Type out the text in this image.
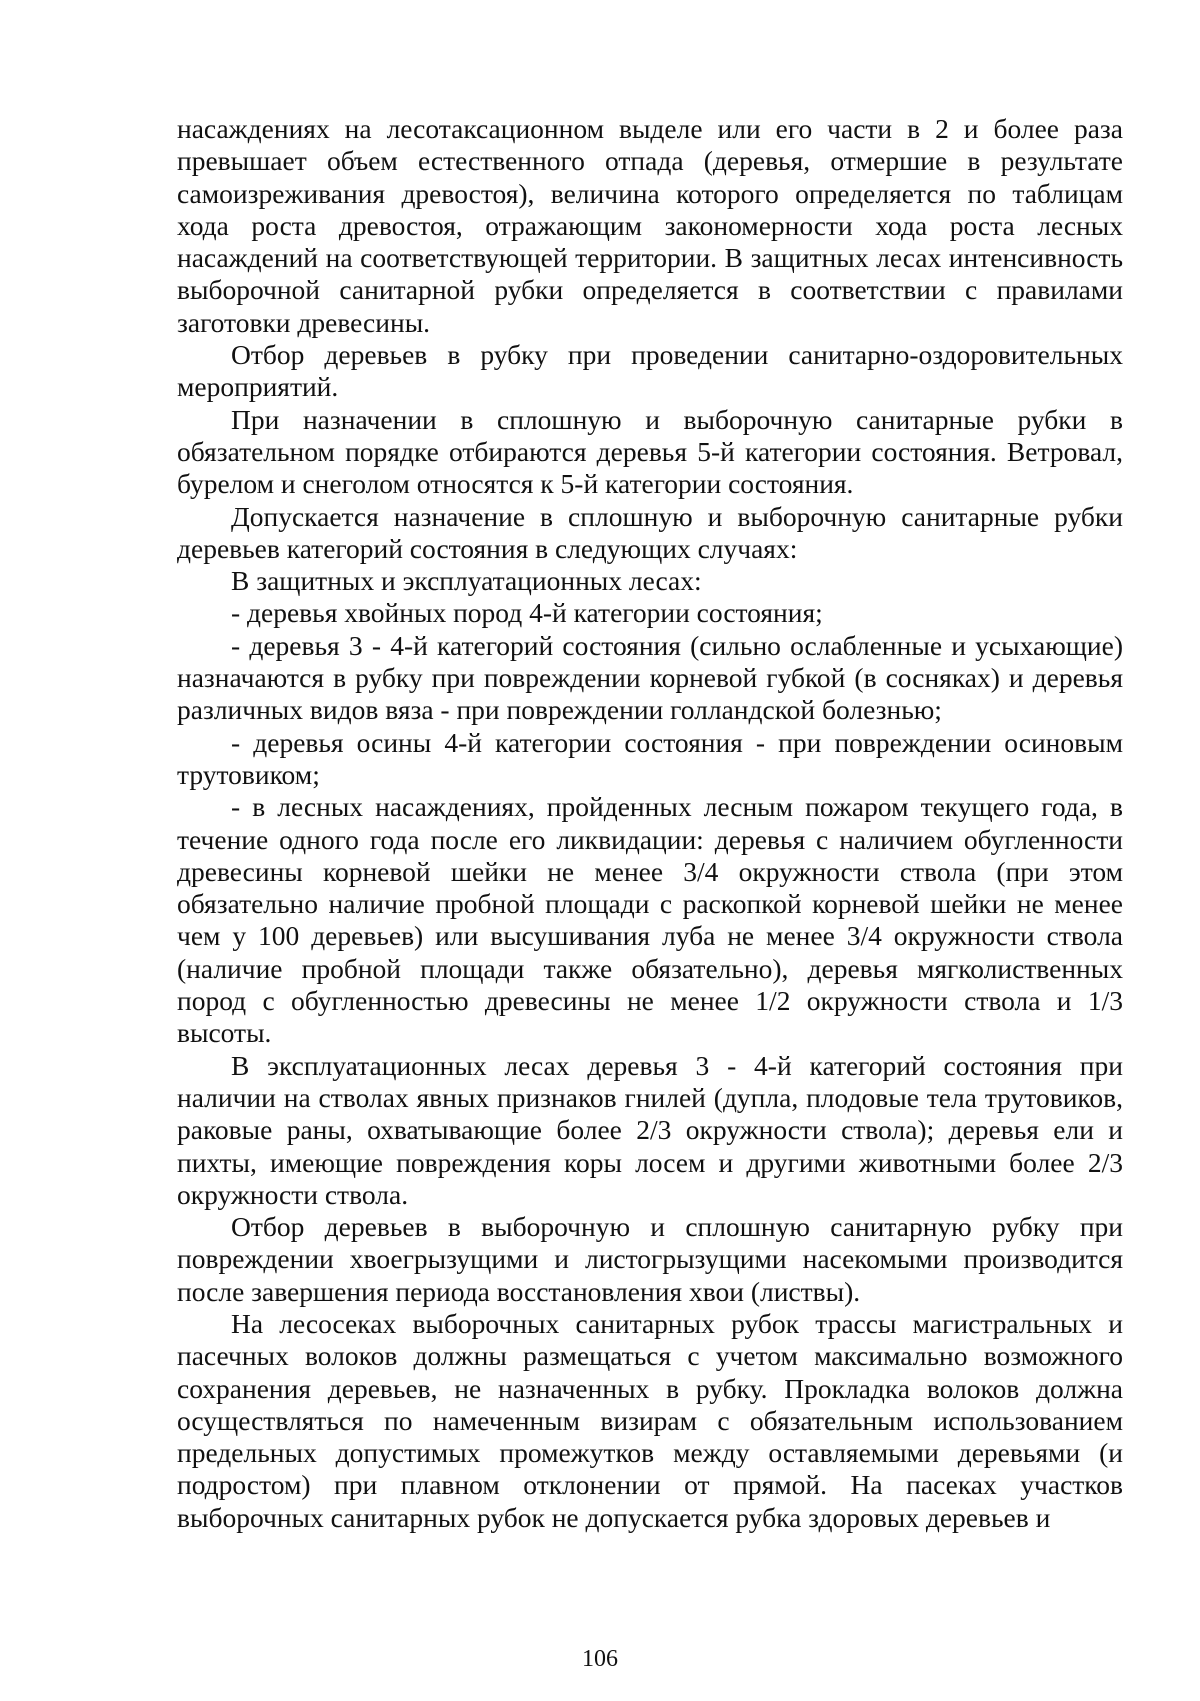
насаждениях на лесотаксационном выделе или его части в 2 и более раза превышает объем естественного отпада (деревья, отмершие в результате самоизреживания древостоя), величина которого определяется по таблицам хода роста древостоя, отражающим закономерности хода роста лесных насаждений на соответствующей территории. В защитных лесах интенсивность выборочной санитарной рубки определяется в соответствии с правилами заготовки древесины.

Отбор деревьев в рубку при проведении санитарно-оздоровительных мероприятий.

При назначении в сплошную и выборочную санитарные рубки в обязательном порядке отбираются деревья 5-й категории состояния. Ветровал, бурелом и снеголом относятся к 5-й категории состояния.

Допускается назначение в сплошную и выборочную санитарные рубки деревьев категорий состояния в следующих случаях:

В защитных и эксплуатационных лесах:

- деревья хвойных пород 4-й категории состояния;

- деревья 3 - 4-й категорий состояния (сильно ослабленные и усыхающие) назначаются в рубку при повреждении корневой губкой (в сосняках) и деревья различных видов вяза - при повреждении голландской болезнью;

- деревья осины 4-й категории состояния - при повреждении осиновым трутовиком;

- в лесных насаждениях, пройденных лесным пожаром текущего года, в течение одного года после его ликвидации: деревья с наличием обугленности древесины корневой шейки не менее 3/4 окружности ствола (при этом обязательно наличие пробной площади с раскопкой корневой шейки не менее чем у 100 деревьев) или высушивания луба не менее 3/4 окружности ствола (наличие пробной площади также обязательно), деревья мягколиственных пород с обугленностью древесины не менее 1/2 окружности ствола и 1/3 высоты.

В эксплуатационных лесах деревья 3 - 4-й категорий состояния при наличии на стволах явных признаков гнилей (дупла, плодовые тела трутовиков, раковые раны, охватывающие более 2/3 окружности ствола); деревья ели и пихты, имеющие повреждения коры лосем и другими животными более 2/3 окружности ствола.

Отбор деревьев в выборочную и сплошную санитарную рубку при повреждении хвоегрызущими и листогрызущими насекомыми производится после завершения периода восстановления хвои (листвы).

На лесосеках выборочных санитарных рубок трассы магистральных и пасечных волоков должны размещаться с учетом максимально возможного сохранения деревьев, не назначенных в рубку. Прокладка волоков должна осуществляться по намеченным визирам с обязательным использованием предельных допустимых промежутков между оставляемыми деревьями (и подростом) при плавном отклонении от прямой. На пасеках участков выборочных санитарных рубок не допускается рубка здоровых деревьев и

106
